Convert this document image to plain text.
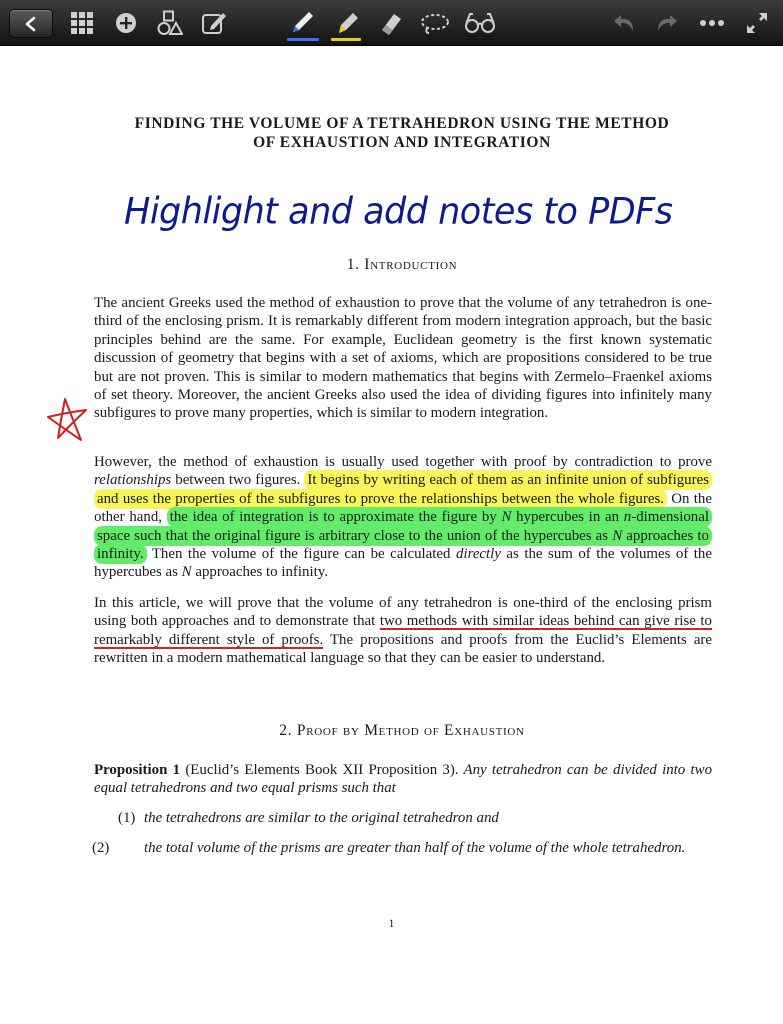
FINDING THE VOLUME OF A TETRAHEDRON USING THE METHOD
OF EXHAUSTION AND INTEGRATION

Highlight and add notes to PDFs

1. Introduction

The ancient Greeks used the method of exhaustion to prove that the volume of any tetrahedron is one-third of the enclosing prism. It is remarkably different from modern integration approach, but the basic principles behind are the same. For example, Euclidean geometry is the first known systematic discussion of geometry that begins with a set of axioms, which are propositions considered to be true but are not proven. This is similar to modern mathematics that begins with Zermelo–Fraenkel axioms of set theory. Moreover, the ancient Greeks also used the idea of dividing figures into infinitely many subfigures to prove many properties, which is similar to modern integration.

However, the method of exhaustion is usually used together with proof by contradiction to prove relationships between two figures. It begins by writing each of them as an infinite union of subfigures and uses the properties of the subfigures to prove the relationships between the whole figures. On the other hand, the idea of integration is to approximate the figure by N hypercubes in an n-dimensional space such that the original figure is arbitrary close to the union of the hypercubes as N approaches to infinity. Then the volume of the figure can be calculated directly as the sum of the volumes of the hypercubes as N approaches to infinity.

In this article, we will prove that the volume of any tetrahedron is one-third of the enclosing prism using both approaches and to demonstrate that two methods with similar ideas behind can give rise to remarkably different style of proofs. The propositions and proofs from the Euclid’s Elements are rewritten in a modern mathematical language so that they can be easier to understand.

2. Proof by Method of Exhaustion

Proposition 1 (Euclid’s Elements Book XII Proposition 3). Any tetrahedron can be divided into two equal tetrahedrons and two equal prisms such that

(1) the tetrahedrons are similar to the original tetrahedron and

(2) the total volume of the prisms are greater than half of the volume of the whole tetrahedron.

1
